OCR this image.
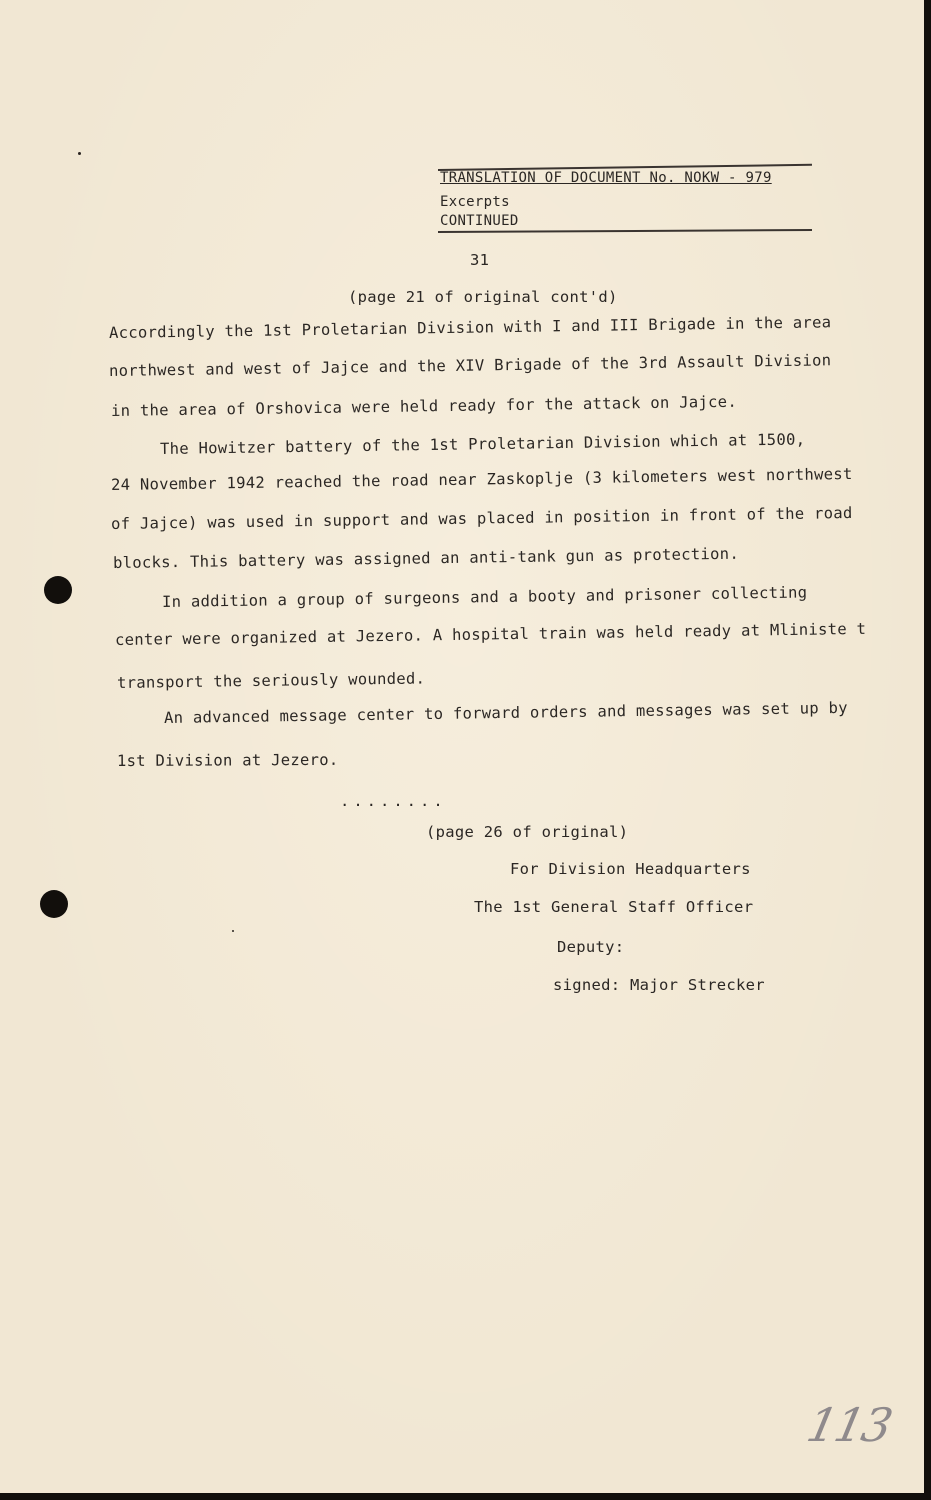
TRANSLATION OF DOCUMENT No. NOKW - 979
Excerpts
CONTINUED
31
(page 21 of original cont'd)
Accordingly the 1st Proletarian Division with I and III Brigade in the area
northwest and west of Jajce and the XIV Brigade of the 3rd Assault Division
in the area of Orshovica were held ready for the attack on Jajce.
The Howitzer battery of the 1st Proletarian Division which at 1500,
24 November 1942 reached the road near Zaskoplje (3 kilometers west northwest
of Jajce) was used in support and was placed in position in front of the road
blocks. This battery was assigned an anti-tank gun as protection.
In addition a group of surgeons and a booty and prisoner collecting
center were organized at Jezero. A hospital train was held ready at Mliniste t
transport the seriously wounded.
An advanced message center to forward orders and messages was set up by
1st Division at Jezero.
........
(page 26 of original)
For Division Headquarters
The 1st General Staff Officer
Deputy:
signed: Major Strecker
113
